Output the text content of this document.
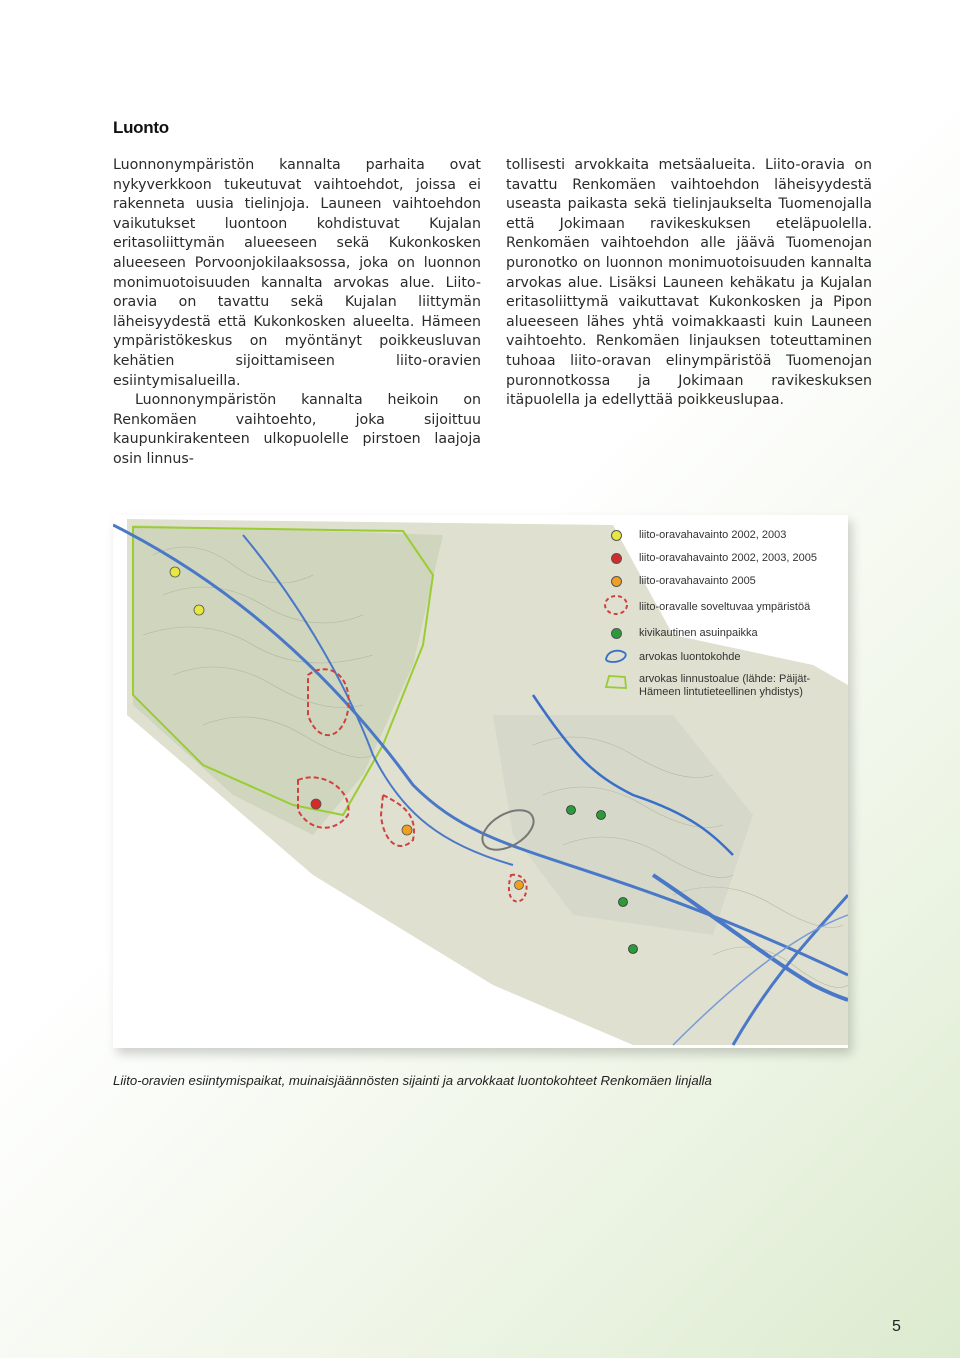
Luonto

Luonnonympäristön kannalta parhaita ovat nykyverkkoon tukeutuvat vaihtoehdot, joissa ei rakenneta uusia tielinjoja. Launeen vaihtoehdon vaikutukset luontoon kohdistuvat Kujalan eritasoliittymän alueeseen sekä Kukonkosken alueeseen Porvoonjokilaaksossa, joka on luonnon monimuotoisuuden kannalta arvokas alue. Liito-oravia on tavattu sekä Kujalan liittymän läheisyydestä että Kukonkosken alueelta. Hämeen ympäristökeskus on myöntänyt poikkeusluvan kehätien sijoittamiseen liito-oravien esiintymisalueilla.

Luonnonympäristön kannalta heikoin on Renkomäen vaihtoehto, joka sijoittuu kaupunkirakenteen ulkopuolelle pirstoen laajoja osin linnus-

tollisesti arvokkaita metsäalueita. Liito-oravia on tavattu Renkomäen vaihtoehdon läheisyydestä useasta paikasta sekä tielinjaukselta Tuomenojalla että Jokimaan ravikeskuksen eteläpuolella. Renkomäen vaihtoehdon alle jäävä Tuomenojan puronotko on luonnon monimuotoisuuden kannalta arvokas alue. Lisäksi Launeen kehäkatu ja Kujalan eritasoliittymä vaikuttavat Kukonkosken ja Pipon alueeseen lähes yhtä voimakkaasti kuin Launeen vaihtoehto. Renkomäen linjauksen toteuttaminen tuhoaa liito-oravan elinympäristöä Tuomenojan puronnotkossa ja Jokimaan ravikeskuksen itäpuolella ja edellyttää poikkeuslupaa.

liito-oravahavainto 2002, 2003
liito-oravahavainto 2002, 2003, 2005
liito-oravahavainto 2005
liito-oravalle soveltuvaa ympäristöä
kivikautinen asuinpaikka
arvokas luontokohde
arvokas linnustoalue (lähde: Päijät-
Hämeen lintutieteellinen yhdistys)
Liito-oravien esiintymispaikat, muinaisjäännösten sijainti ja arvokkaat luontokohteet Renkomäen linjalla
5
